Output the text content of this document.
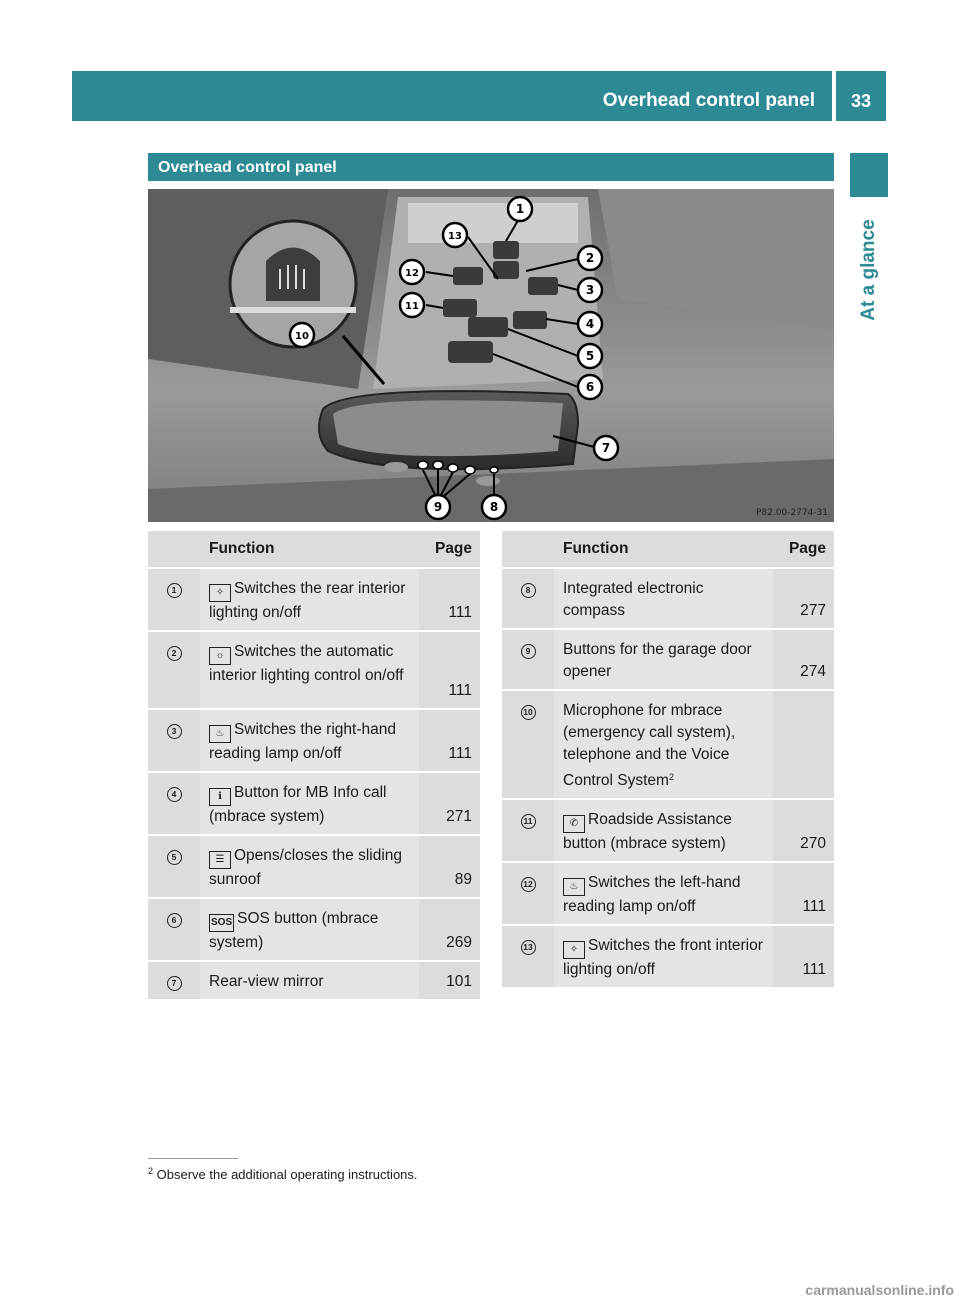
Overhead control panel	33
At a glance
Overhead control panel
1
2
3
4
5
6
7
8
9
10
11
12
13
P82.00-2774-31
	Function	Page
1	✧ Switches the rear interior lighting on/off	111
2	☼ Switches the automatic interior lighting control on/off	111
3	♨ Switches the right-hand reading lamp on/off	111
4	ℹ Button for MB Info call (mbrace system)	271
5	☰ Opens/closes the sliding sunroof	89
6	SOS SOS button (mbrace system)	269
7	Rear-view mirror	101
	Function	Page
8	Integrated electronic compass	277
9	Buttons for the garage door opener	274
10	Microphone for mbrace (emergency call system), telephone and the Voice Control System$^2$	
11	✆ Roadside Assistance button (mbrace system)	270
12	♨ Switches the left-hand reading lamp on/off	111
13	✧ Switches the front interior lighting on/off	111
$^2$ Observe the additional operating instructions.
carmanualsonline.info
